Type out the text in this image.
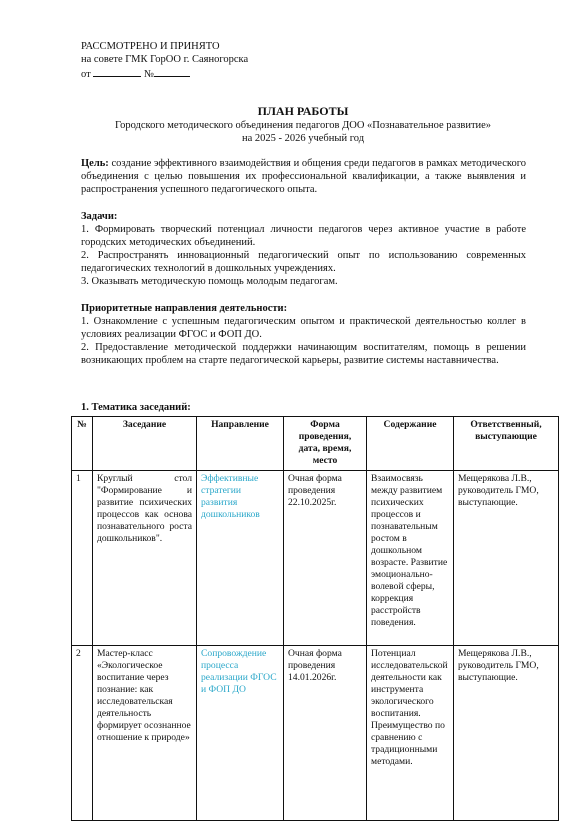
РАССМОТРЕНО И ПРИНЯТО
на совете ГМК ГорОО г. Саяногорска
от	№
ПЛАН РАБОТЫ
Городского методического объединения педагогов ДОО «Познавательное развитие»
на 2025 - 2026 учебный год

Цель: создание эффективного взаимодействия и общения среди педагогов в рамках методического объединения с целью повышения их профессиональной квалификации, а также выявления и распространения успешного педагогического опыта.

Задачи:

1. Формировать творческий потенциал личности педагогов через активное участие в работе городских методических объединений.

2. Распространять инновационный педагогический опыт по использованию современных педагогических технологий в дошкольных учреждениях.

3. Оказывать методическую помощь молодым педагогам.

Приоритетные направления деятельности:

1. Ознакомление с успешным педагогическим опытом и практической деятельностью коллег в условиях реализации ФГОС и ФОП ДО.

2. Предоставление методической поддержки начинающим воспитателям, помощь в решении возникающих проблем на старте педагогической карьеры, развитие системы наставничества.

1. Тематика заседаний:
№	Заседание	Направление	Форма проведения, дата, время, место	Содержание	Ответственный, выступающие
1	Круглый стол "Формирование и развитие психических процессов как основа познавательного роста дошкольников".	Эффективные стратегии развития дошкольников	Очная форма проведения 22.10.2025г.	Взаимосвязь между развитием психических процессов и познавательным ростом в дошкольном возрасте. Развитие эмоционально-волевой сферы, коррекция расстройств поведения.	Мещерякова Л.В., руководитель ГМО, выступающие.
2	Мастер-класс «Экологическое воспитание через познание: как исследовательская деятельность формирует осознанное отношение к природе»	Сопровождение процесса реализации ФГОС и ФОП ДО	Очная форма проведения 14.01.2026г.	Потенциал исследовательской деятельности как инструмента экологического воспитания. Преимущество по сравнению с традиционными методами.	Мещерякова Л.В., руководитель ГМО, выступающие.
